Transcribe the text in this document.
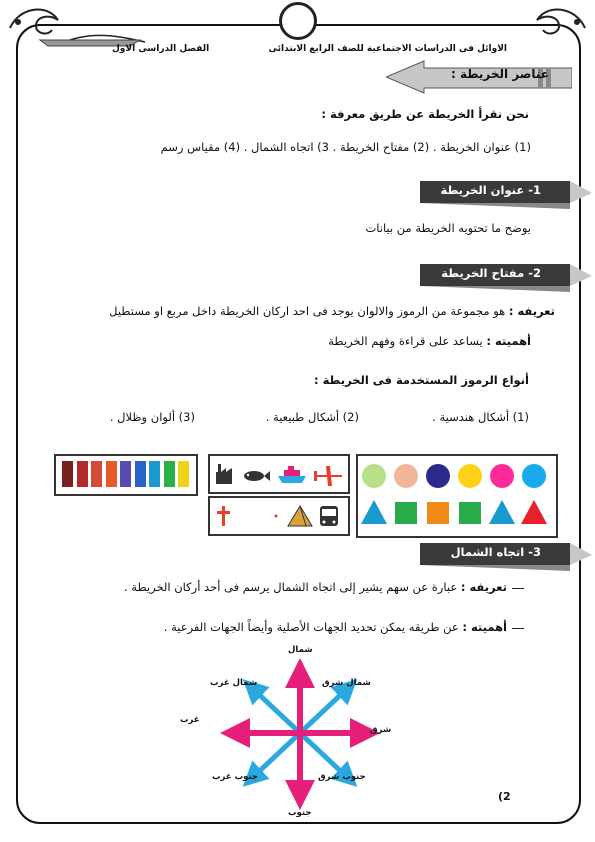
الاوائل فى الدراسات الاجتماعية للصف الرابع الابتدائى
الفصل الدراسى الاول
عناصر الخريطة :
نحن نقرأ الخريطة عن طريق معرفة :
(1) عنوان الخريطة . (2) مفتاح الخريطة . 3) اتجاه الشمال . (4) مقياس رسم
1- عنوان الخريطة
يوضح ما تحتويه الخريطة من بيانات
2- مفتاح الخريطة
تعريفه : هو مجموعة من الرموز والالوان يوجد فى احد اركان الخريطة داخل مربع او مستطيل
أهميته : يساعد على قراءة وفهم الخريطة
أنواع الرموز المستخدمة فى الخريطة :
(1) أشكال هندسية .
(2) أشكال طبيعية .
(3) ألوان وظلال .
3- اتجاه الشمال
تعريفه : عبارة عن سهم يشير إلى اتجاه الشمال يرسم فى أحد أركان الخريطة .
أهميته : عن طريقه يمكن تحديد الجهات الأصلية وأيضاً الجهات الفرعية .
شمال
جنوب
شرق
غرب
شمال شرق
شمال غرب
جنوب شرق
جنوب غرب
(2
